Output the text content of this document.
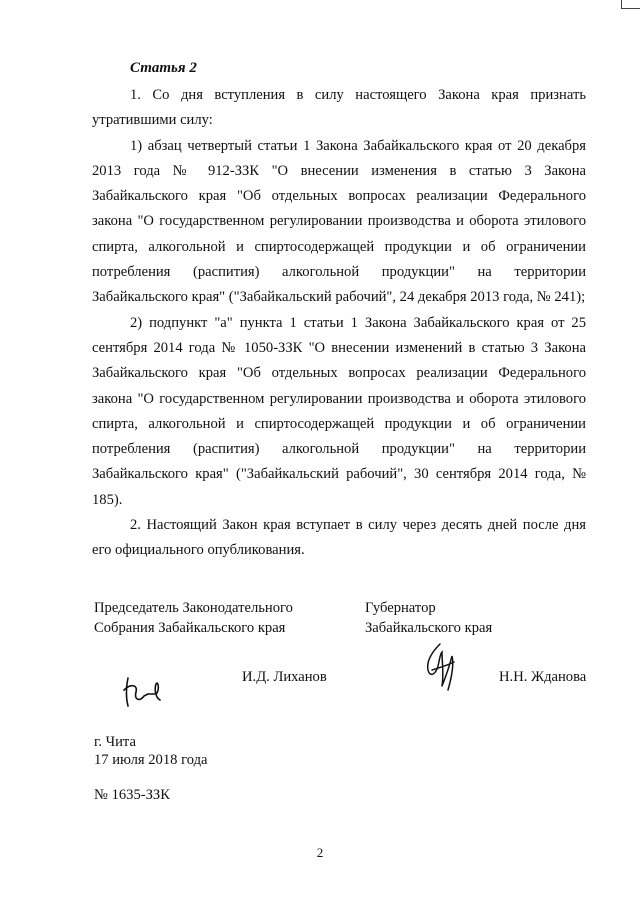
Статья 2

1. Со дня вступления в силу настоящего Закона края признать утратившими силу:

1) абзац четвертый статьи 1 Закона Забайкальского края от 20 декабря 2013 года № 912-ЗЗК "О внесении изменения в статью 3 Закона Забайкальского края "Об отдельных вопросах реализации Федерального закона "О государственном регулировании производства и оборота этилового спирта, алкогольной и спиртосодержащей продукции и об ограничении потребления (распития) алкогольной продукции" на территории Забайкальского края" ("Забайкальский рабочий", 24 декабря 2013 года, № 241);

2) подпункт "а" пункта 1 статьи 1 Закона Забайкальского края от 25 сентября 2014 года № 1050-ЗЗК "О внесении изменений в статью 3 Закона Забайкальского края "Об отдельных вопросах реализации Федерального закона "О государственном регулировании производства и оборота этилового спирта, алкогольной и спиртосодержащей продукции и об ограничении потребления (распития) алкогольной продукции" на территории Забайкальского края" ("Забайкальский рабочий", 30 сентября 2014 года, № 185).

2. Настоящий Закон края вступает в силу через десять дней после дня его официального опубликования.

Председатель Законодательного
Собрания Забайкальского края
Губернатор
Забайкальского края
И.Д. Лиханов	Н.Н. Жданова
г. Чита
17 июля 2018 года
№ 1635-ЗЗК
2
